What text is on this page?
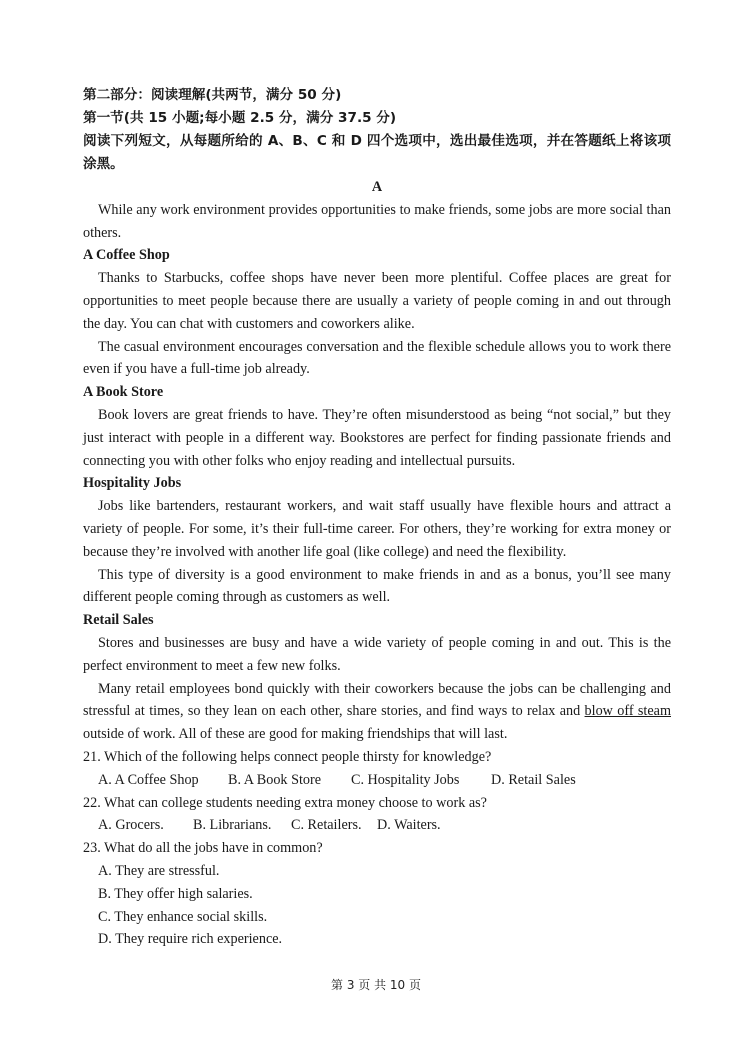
第二部分：阅读理解(共两节，满分 50 分)

第一节(共 15 小题;每小题 2.5 分，满分 37.5 分)

阅读下列短文，从每题所给的 A、B、C 和 D 四个选项中，选出最佳选项，并在答题纸上将该项涂黑。

A

While any work environment provides opportunities to make friends, some jobs are more social than others.

A Coffee Shop

Thanks to Starbucks, coffee shops have never been more plentiful. Coffee places are great for opportunities to meet people because there are usually a variety of people coming in and out through the day. You can chat with customers and coworkers alike.

The casual environment encourages conversation and the flexible schedule allows you to work there even if you have a full-time job already.

A Book Store

Book lovers are great friends to have. They’re often misunderstood as being “not social,” but they just interact with people in a different way. Bookstores are perfect for finding passionate friends and connecting you with other folks who enjoy reading and intellectual pursuits.

Hospitality Jobs

Jobs like bartenders, restaurant workers, and wait staff usually have flexible hours and attract a variety of people. For some, it’s their full-time career. For others, they’re working for extra money or because they’re involved with another life goal (like college) and need the flexibility.

This type of diversity is a good environment to make friends in and as a bonus, you’ll see many different people coming through as customers as well.

Retail Sales

Stores and businesses are busy and have a wide variety of people coming in and out. This is the perfect environment to meet a few new folks.

Many retail employees bond quickly with their coworkers because the jobs can be challenging and stressful at times, so they lean on each other, share stories, and find ways to relax and blow off steam outside of work. All of these are good for making friendships that will last.

21. Which of the following helps connect people thirsty for knowledge?

A. A Coffee Shop B. A Book Store C. Hospitality Jobs D. Retail Sales

22. What can college students needing extra money choose to work as?

A. Grocers. B. Librarians. C. Retailers. D. Waiters.

23. What do all the jobs have in common?

A. They are stressful.

B. They offer high salaries.

C. They enhance social skills.

D. They require rich experience.

第 3 页 共 10 页
